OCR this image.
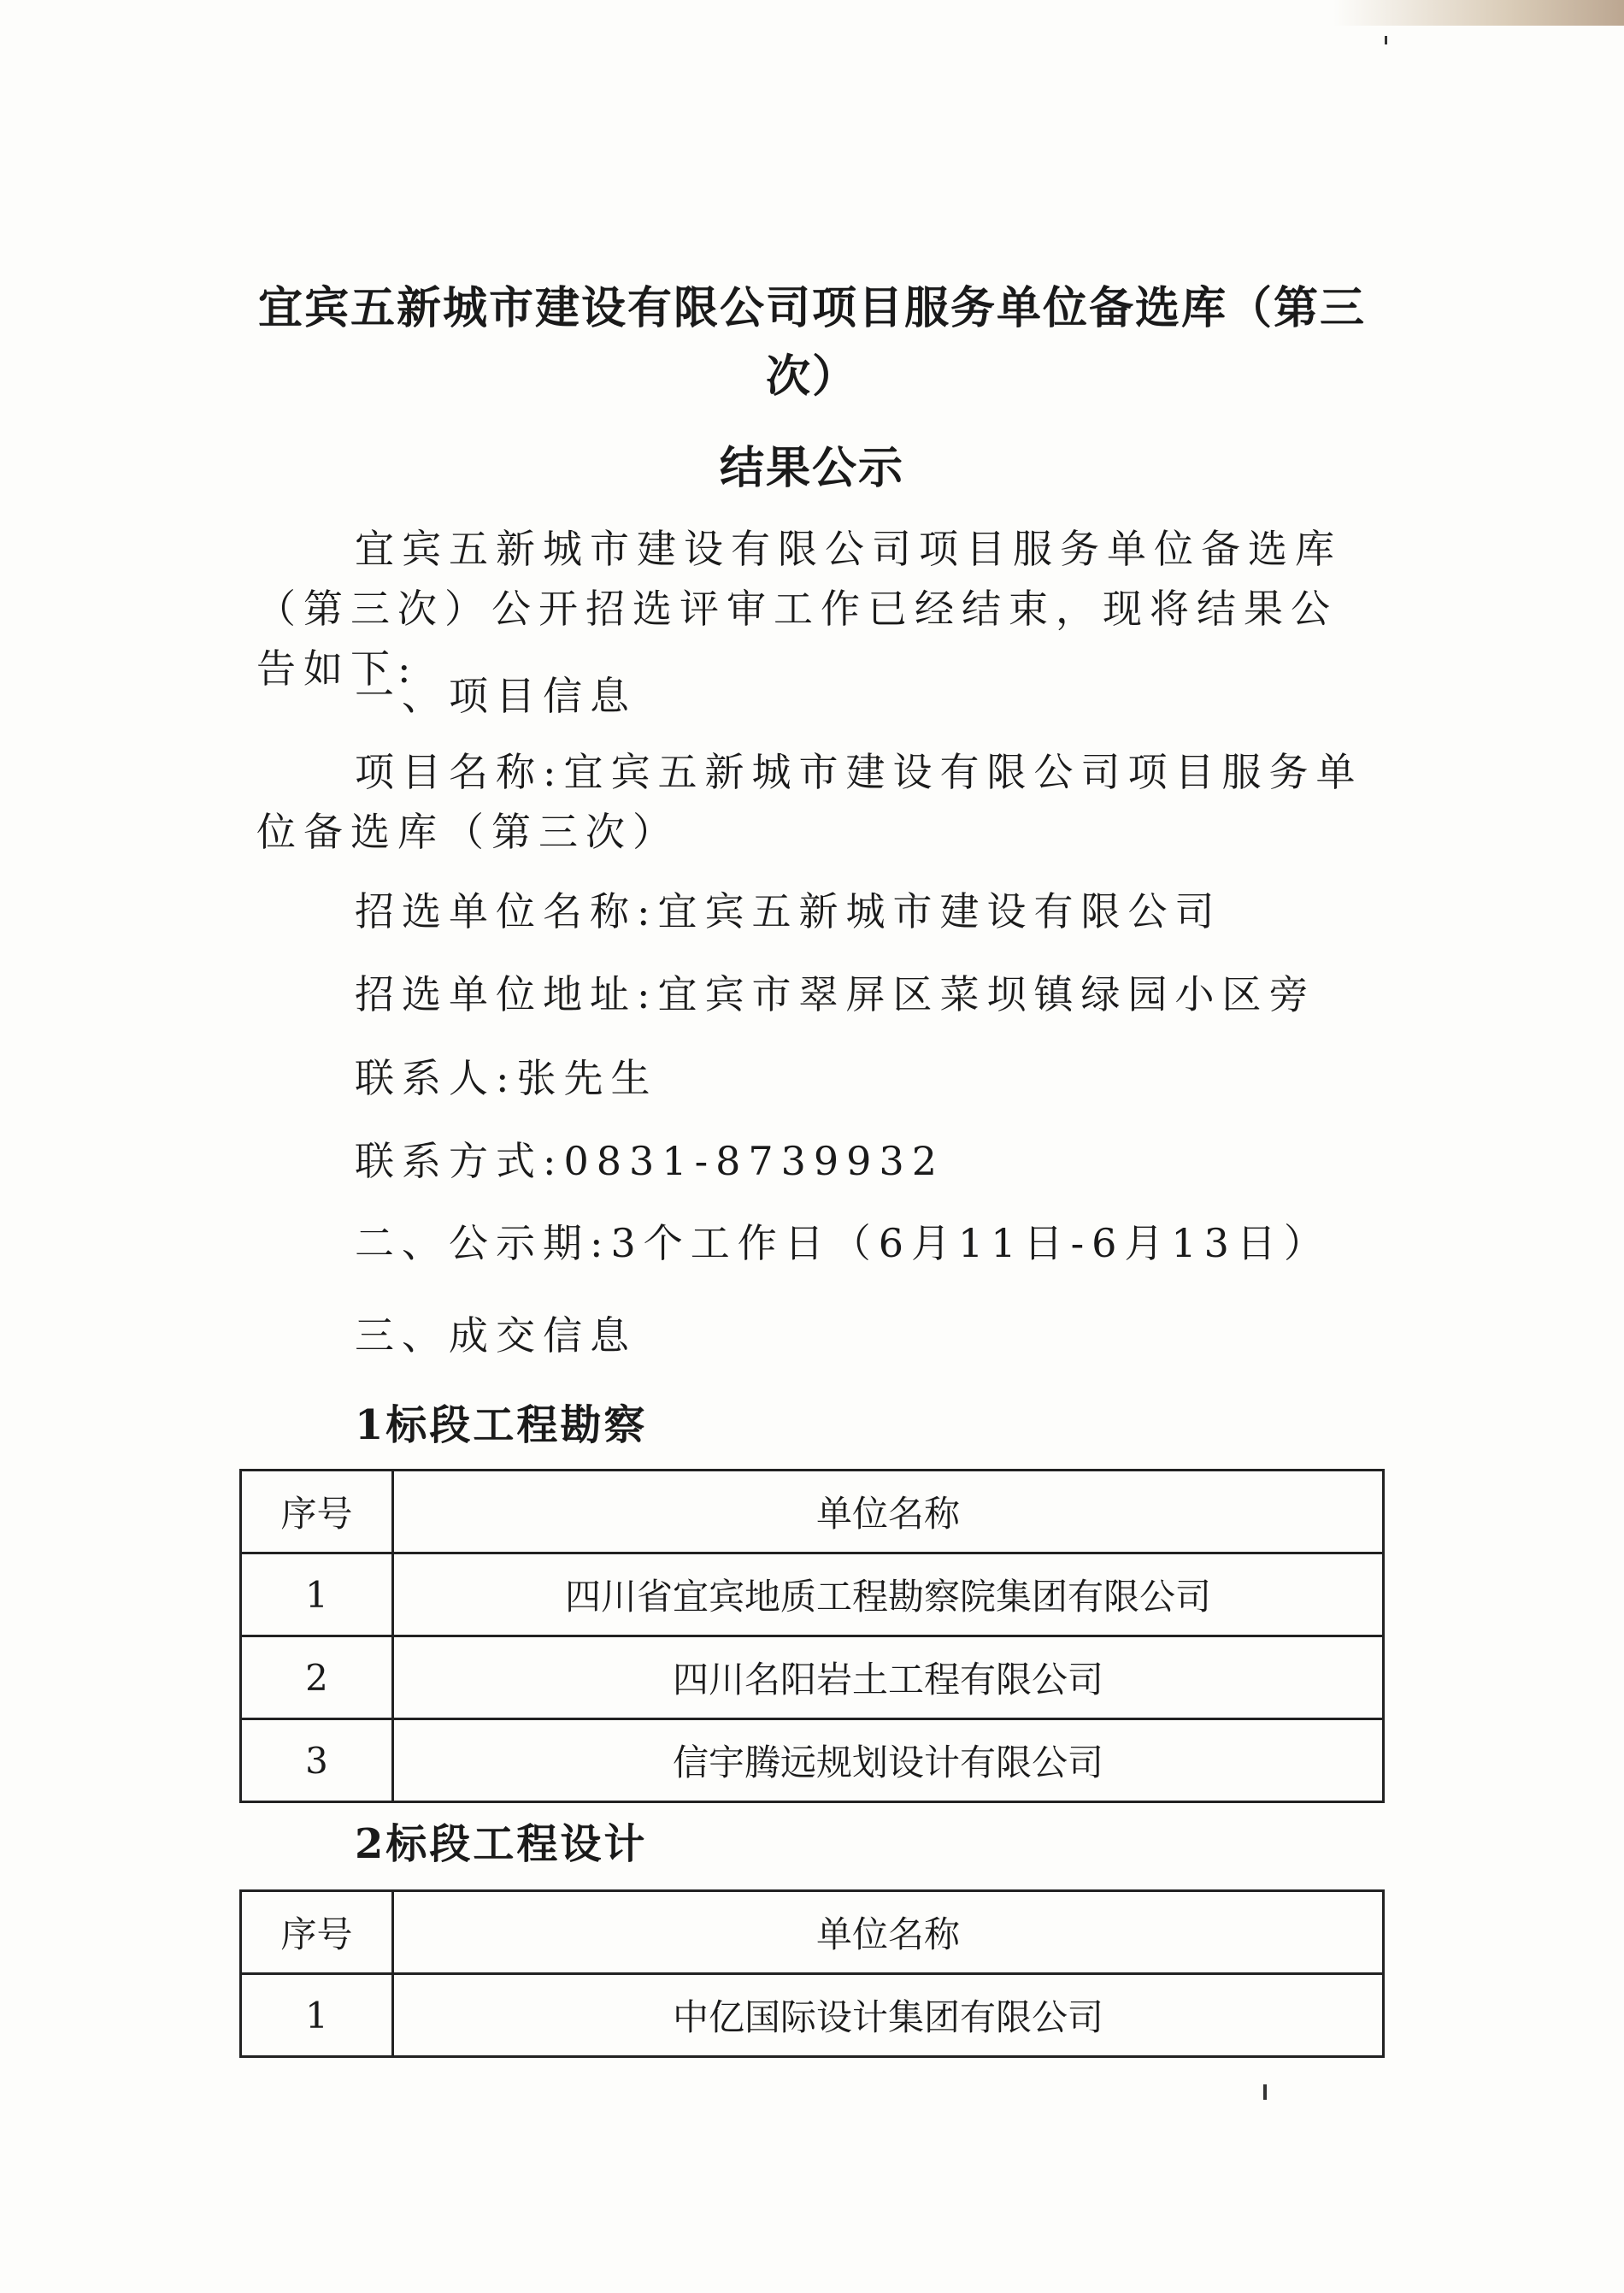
宜宾五新城市建设有限公司项目服务单位备选库（第三
次）
结果公示

宜宾五新城市建设有限公司项目服务单位备选库（第三次）公开招选评审工作已经结束，现将结果公告如下:

一、项目信息

项目名称:宜宾五新城市建设有限公司项目服务单位备选库（第三次）

招选单位名称:宜宾五新城市建设有限公司

招选单位地址:宜宾市翠屏区菜坝镇绿园小区旁

联系人:张先生

联系方式:0831-8739932

二、公示期:3个工作日（6月11日-6月13日）

三、成交信息

1标段工程勘察
序号	单位名称
1	四川省宜宾地质工程勘察院集团有限公司
2	四川名阳岩土工程有限公司
3	信宇腾远规划设计有限公司
2标段工程设计
序号	单位名称
1	中亿国际设计集团有限公司
